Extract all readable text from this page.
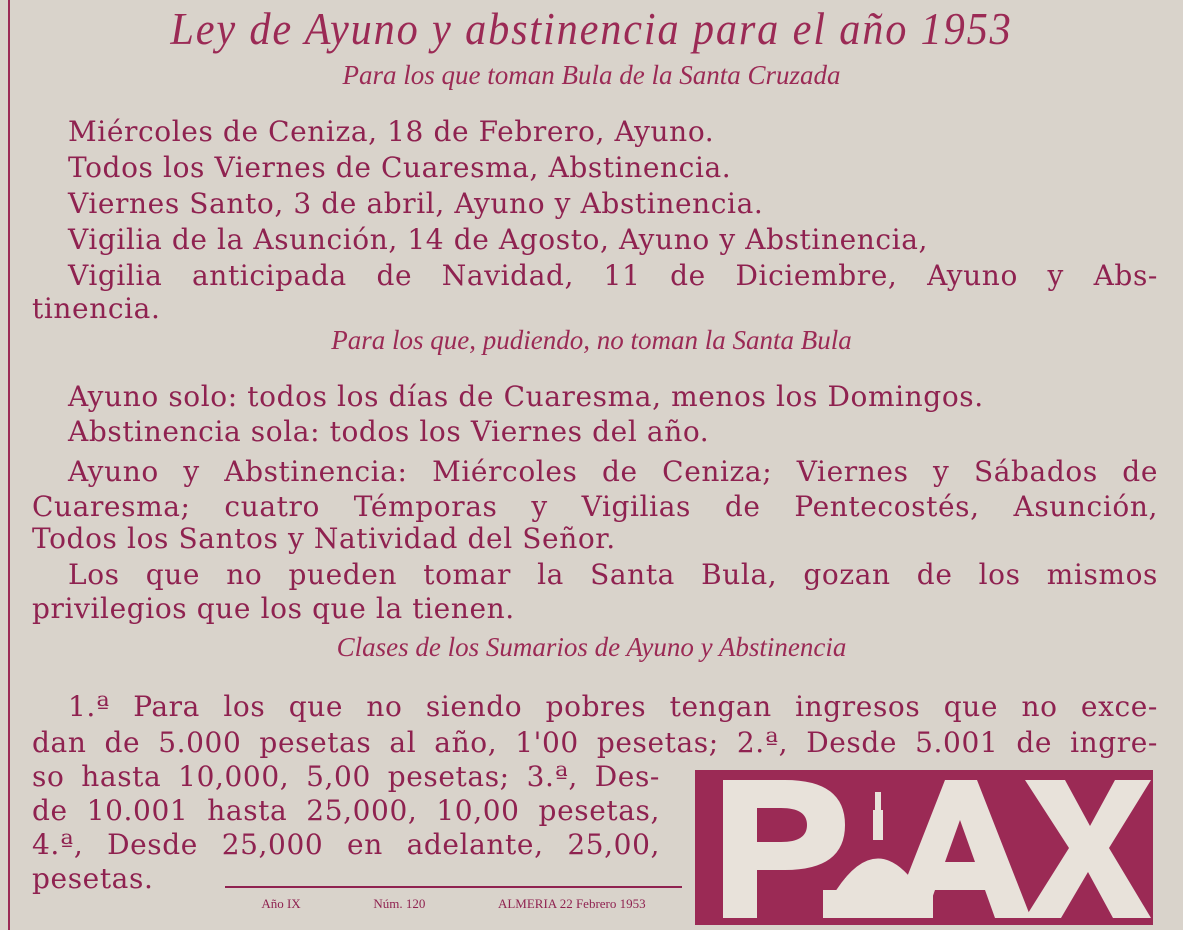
Ley de Ayuno y abstinencia para el año 1953
Para los que toman Bula de la Santa Cruzada
Miércoles de Ceniza, 18 de Febrero, Ayuno.
Todos los Viernes de Cuaresma, Abstinencia.
Viernes Santo, 3 de abril, Ayuno y Abstinencia.
Vigilia de la Asunción, 14 de Agosto, Ayuno y Abstinencia,
Vigilia anticipada de Navidad, 11 de Diciembre, Ayuno y Abs-
tinencia.
Para los que, pudiendo, no toman la Santa Bula
Ayuno solo: todos los días de Cuaresma, menos los Domingos.
Abstinencia sola: todos los Viernes del año.
Ayuno y Abstinencia: Miércoles de Ceniza; Viernes y Sábados de
Cuaresma; cuatro Témporas y Vigilias de Pentecostés, Asunción,
Todos los Santos y Natividad del Señor.
Los que no pueden tomar la Santa Bula, gozan de los mismos
privilegios que los que la tienen.
Clases de los Sumarios de Ayuno y Abstinencia
1.ª Para los que no siendo pobres tengan ingresos que no exce-
dan de 5.000 pesetas al año, 1'00 pesetas; 2.ª, Desde 5.001 de ingre-
so hasta 10,000, 5,00 pesetas; 3.ª, Des-
de 10.001 hasta 25,000, 10,00 pesetas,
4.ª, Desde 25,000 en adelante, 25,00,
pesetas.
Año IX	Núm. 120	ALMERIA 22 Febrero 1953
